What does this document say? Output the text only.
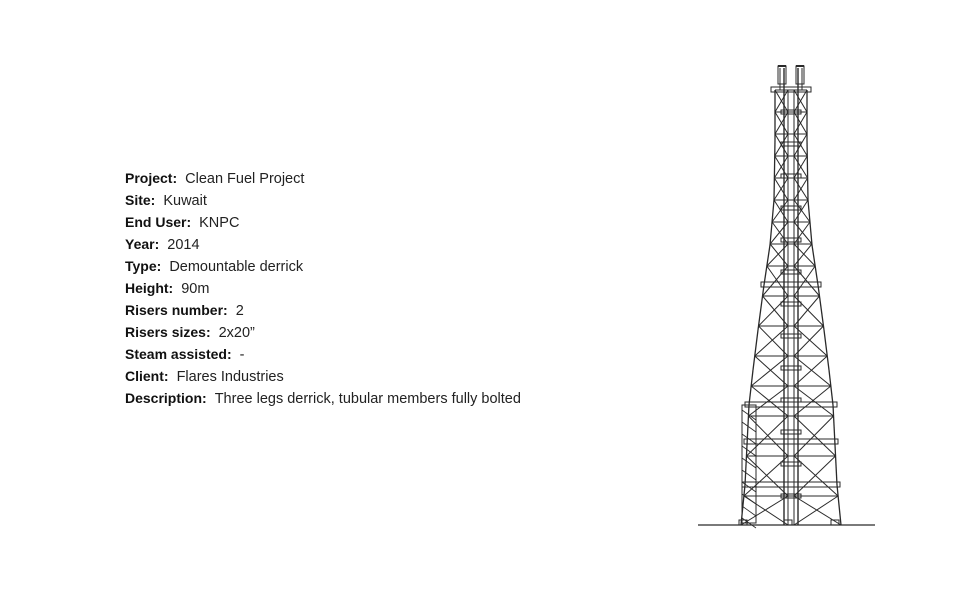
Project: Clean Fuel Project
Site: Kuwait
End User: KNPC
Year: 2014
Type: Demountable derrick
Height: 90m
Risers number: 2
Risers sizes: 2x20”
Steam assisted: -
Client: Flares Industries
Description: Three legs derrick, tubular members fully bolted
